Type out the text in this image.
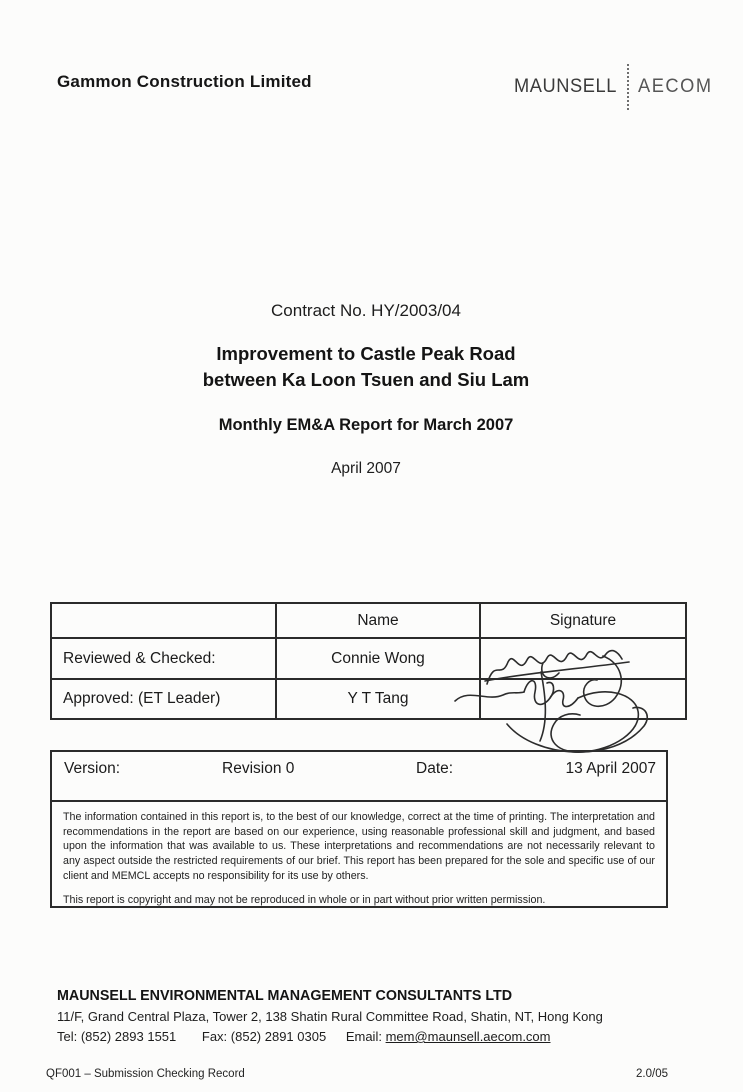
Gammon Construction Limited	MAUNSELL AECOM
Contract No. HY/2003/04
Improvement to Castle Peak Road
between Ka Loon Tsuen and Siu Lam
Monthly EM&A Report for March 2007
April 2007
	Name	Signature
Reviewed & Checked:	Connie Wong	
Approved: (ET Leader)	Y T Tang	
Version:	Revision 0	Date:	13 April 2007

The information contained in this report is, to the best of our knowledge, correct at the time of printing. The interpretation and recommendations in the report are based on our experience, using reasonable professional skill and judgment, and based upon the information that was available to us. These interpretations and recommendations are not necessarily relevant to any aspect outside the restricted requirements of our brief. This report has been prepared for the sole and specific use of our client and MEMCL accepts no responsibility for its use by others.

This report is copyright and may not be reproduced in whole or in part without prior written permission.

MAUNSELL ENVIRONMENTAL MANAGEMENT CONSULTANTS LTD
11/F, Grand Central Plaza, Tower 2, 138 Shatin Rural Committee Road, Shatin, NT, Hong Kong
Tel: (852) 2893 1551 Fax: (852) 2891 0305 Email: mem@maunsell.aecom.com
QF001 – Submission Checking Record	2.0/05
